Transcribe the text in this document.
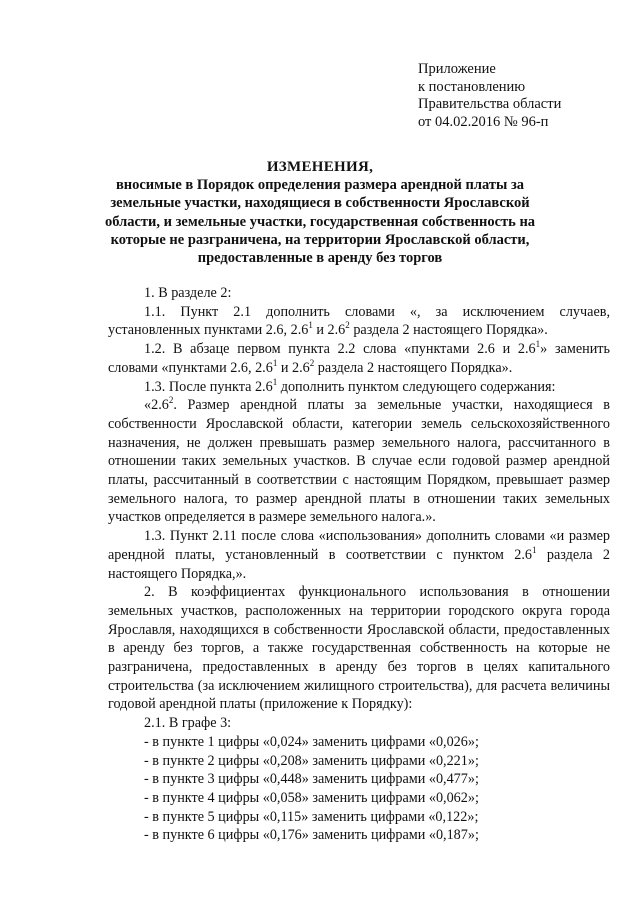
Приложение
к постановлению
Правительства области
от 04.02.2016 № 96-п
ИЗМЕНЕНИЯ,
вносимые в Порядок определения размера арендной платы за земельные участки, находящиеся в собственности Ярославской области, и земельные участки, государственная собственность на которые не разграничена, на территории Ярославской области, предоставленные в аренду без торгов

1. В разделе 2:

1.1. Пункт 2.1 дополнить словами «, за исключением случаев, установленных пунктами 2.6, $2.6^1$ и $2.6^2$ раздела 2 настоящего Порядка».

1.2. В абзаце первом пункта 2.2 слова «пунктами 2.6 и $2.6^1$» заменить словами «пунктами 2.6, $2.6^1$ и $2.6^2$ раздела 2 настоящего Порядка».

1.3. После пункта $2.6^1$ дополнить пунктом следующего содержания:

«$2.6^2$. Размер арендной платы за земельные участки, находящиеся в собственности Ярославской области, категории земель сельскохозяйственного назначения, не должен превышать размер земельного налога, рассчитанного в отношении таких земельных участков. В случае если годовой размер арендной платы, рассчитанный в соответствии с настоящим Порядком, превышает размер земельного налога, то размер арендной платы в отношении таких земельных участков определяется в размере земельного налога.».

1.3. Пункт 2.11 после слова «использования» дополнить словами «и размер арендной платы, установленный в соответствии с пунктом $2.6^1$ раздела 2 настоящего Порядка,».

2. В коэффициентах функционального использования в отношении земельных участков, расположенных на территории городского округа города Ярославля, находящихся в собственности Ярославской области, предоставленных в аренду без торгов, а также государственная собственность на которые не разграничена, предоставленных в аренду без торгов в целях капитального строительства (за исключением жилищного строительства), для расчета величины годовой арендной платы (приложение к Порядку):

2.1. В графе 3:

- в пункте 1 цифры «0,024» заменить цифрами «0,026»;

- в пункте 2 цифры «0,208» заменить цифрами «0,221»;

- в пункте 3 цифры «0,448» заменить цифрами «0,477»;

- в пункте 4 цифры «0,058» заменить цифрами «0,062»;

- в пункте 5 цифры «0,115» заменить цифрами «0,122»;

- в пункте 6 цифры «0,176» заменить цифрами «0,187»;
